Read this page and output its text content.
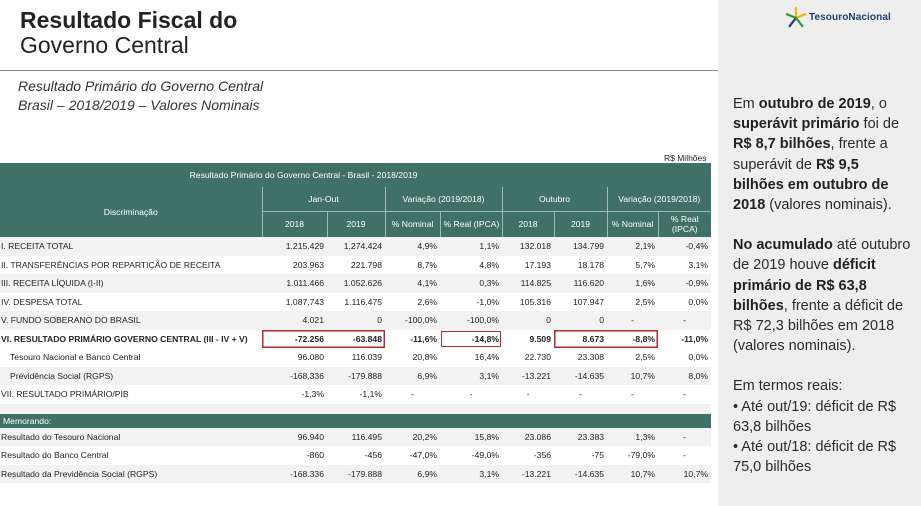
Resultado Fiscal do
Governo Central
Resultado Primário do Governo Central
Brasil – 2018/2019 – Valores Nominais
R$ Milhões
Resultado Primário do Governo Central - Brasil - 2018/2019								
Discriminação	Jan-Out		Variação (2019/2018)		Outubro		Variação (2019/2018)	
	2018	2019	% Nominal	% Real (IPCA)	2018	2019	% Nominal	% Real (IPCA)
I. RECEITA TOTAL	1.215.429	1.274.424	4,9%	1,1%	132.018	134.799	2,1%	-0,4%
II. TRANSFERÊNCIAS POR REPARTIÇÃO DE RECEITA	203.963	221.798	8,7%	4,8%	17.193	18.178	5,7%	3,1%
III. RECEITA LÍQUIDA (I-II)	1.011.466	1.052.626	4,1%	0,3%	114.825	116.620	1,6%	-0,9%
IV. DESPESA TOTAL	1.087.743	1.116.475	2,6%	-1,0%	105.316	107.947	2,5%	0,0%
V. FUNDO SOBERANO DO BRASIL	4.021	0	-100,0%	-100,0%	0	0	-	-
VI. RESULTADO PRIMÁRIO GOVERNO CENTRAL (III - IV + V)	-72.256	-63.848	-11,6%	-14,8%	9.509	8.673	-8,8%	-11,0%
Tesouro Nacional e Banco Central	96.080	116.039	20,8%	16,4%	22.730	23.308	2,5%	0,0%
Previdência Social (RGPS)	-168.336	-179.888	6,9%	3,1%	-13.221	-14.635	10,7%	8,0%
VII. RESULTADO PRIMÁRIO/PIB	-1,3%	-1,1%	-	-	-	-	-	-

Memorando:								
Resultado do Tesouro Nacional	96.940	116.495	20,2%	15,8%	23.086	23.383	1,3%	-
Resultado do Banco Central	-860	-456	-47,0%	-49,0%	-356	-75	-79,0%	-
Resultado da Previdência Social (RGPS)	-168.336	-179.888	6,9%	3,1%	-13.221	-14.635	10,7%	10,7%
TesouroNacional

Em outubro de 2019, o superávit primário foi de R$ 8,7 bilhões, frente a superávit de R$ 9,5 bilhões em outubro de 2018 (valores nominais).

No acumulado até outubro de 2019 houve déficit primário de R$ 63,8 bilhões, frente a déficit de R$ 72,3 bilhões em 2018 (valores nominais).

Em termos reais:
• Até out/19: déficit de R$ 63,8 bilhões
• Até out/18: déficit de R$ 75,0 bilhões
